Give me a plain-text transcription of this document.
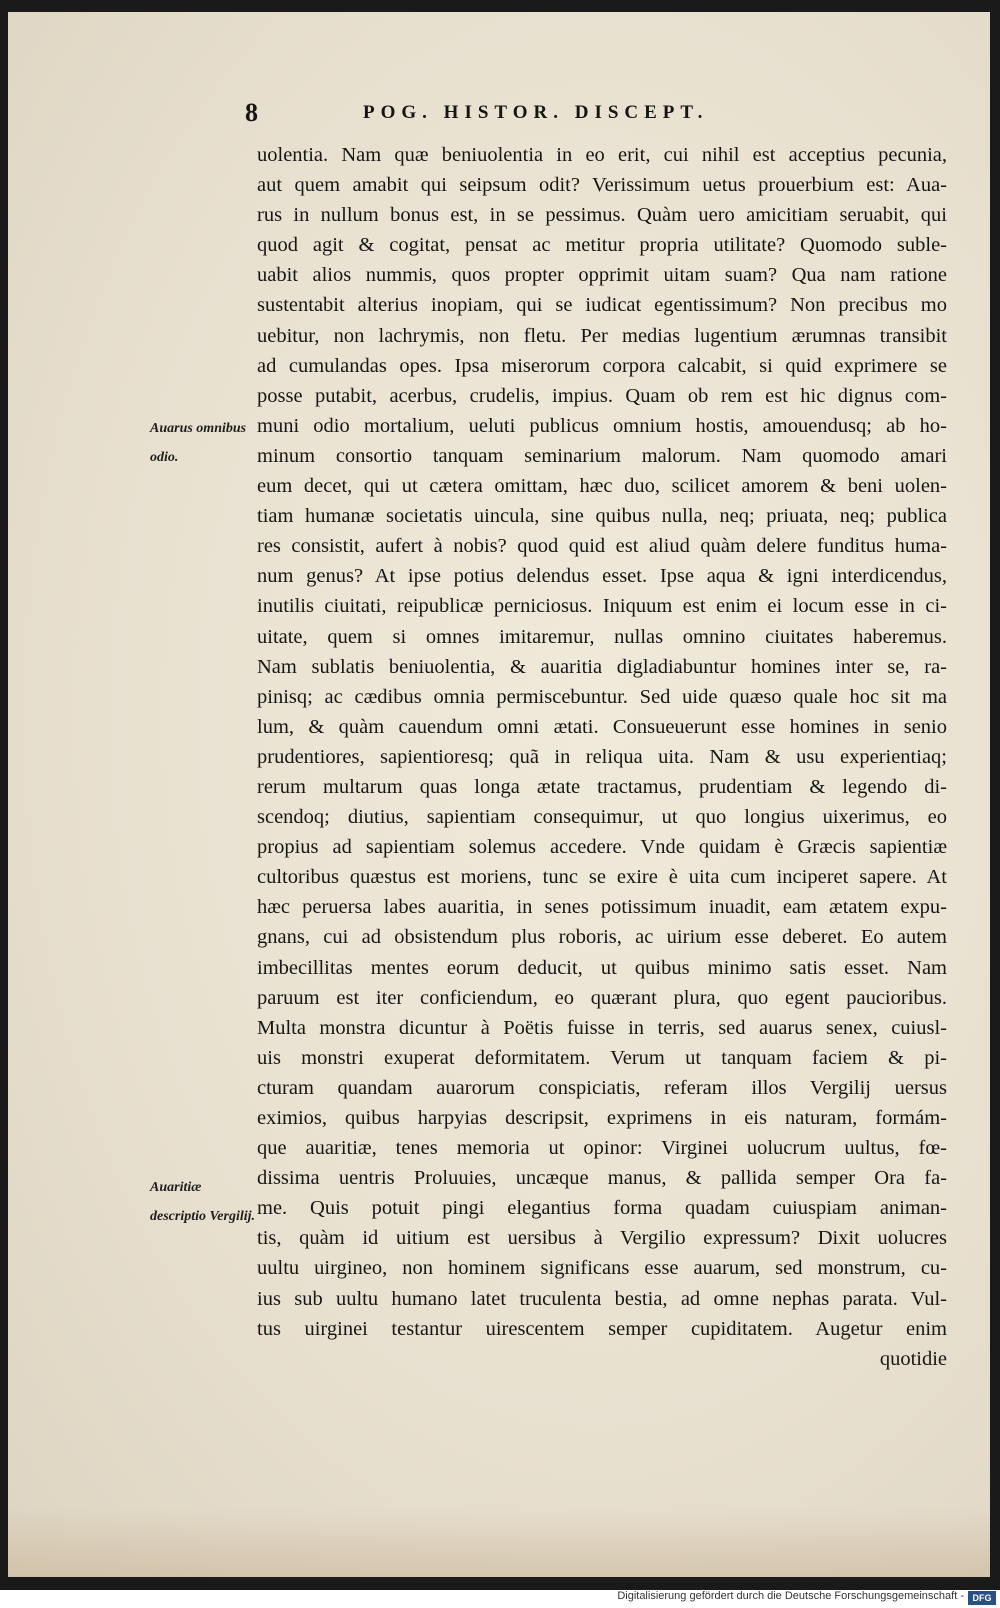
8	POG. HISTOR. DISCEPT.
Auarus omnibus odio.
Auaritiæ descriptio Vergilij.
uolentia. Nam quæ beniuolentia in eo erit, cui nihil est acceptius pecunia,
aut quem amabit qui seipsum odit? Verissimum uetus prouerbium est: Aua-
rus in nullum bonus est, in se pessimus. Quàm uero amicitiam seruabit, qui
quod agit & cogitat, pensat ac metitur propria utilitate? Quomodo suble-
uabit alios nummis, quos propter opprimit uitam suam? Qua nam ratione
sustentabit alterius inopiam, qui se iudicat egentissimum? Non precibus mo
uebitur, non lachrymis, non fletu. Per medias lugentium ærumnas transibit
ad cumulandas opes. Ipsa miserorum corpora calcabit, si quid exprimere se
posse putabit, acerbus, crudelis, impius. Quam ob rem est hic dignus com-
muni odio mortalium, ueluti publicus omnium hostis, amouendusq; ab ho-
minum consortio tanquam seminarium malorum. Nam quomodo amari
eum decet, qui ut cætera omittam, hæc duo, scilicet amorem & beni uolen-
tiam humanæ societatis uincula, sine quibus nulla, neq; priuata, neq; publica
res consistit, aufert à nobis? quod quid est aliud quàm delere funditus huma-
num genus? At ipse potius delendus esset. Ipse aqua & igni interdicendus,
inutilis ciuitati, reipublicæ perniciosus. Iniquum est enim ei locum esse in ci-
uitate, quem si omnes imitaremur, nullas omnino ciuitates haberemus.
Nam sublatis beniuolentia, & auaritia digladiabuntur homines inter se, ra-
pinisq; ac cædibus omnia permiscebuntur. Sed uide quæso quale hoc sit ma
lum, & quàm cauendum omni ætati. Consueuerunt esse homines in senio
prudentiores, sapientioresq; quã in reliqua uita. Nam & usu experientiaq;
rerum multarum quas longa ætate tractamus, prudentiam & legendo di-
scendoq; diutius, sapientiam consequimur, ut quo longius uixerimus, eo
propius ad sapientiam solemus accedere. Vnde quidam è Græcis sapientiæ
cultoribus quæstus est moriens, tunc se exire è uita cum inciperet sapere. At
hæc peruersa labes auaritia, in senes potissimum inuadit, eam ætatem expu-
gnans, cui ad obsistendum plus roboris, ac uirium esse deberet. Eo autem
imbecillitas mentes eorum deducit, ut quibus minimo satis esset. Nam
paruum est iter conficiendum, eo quærant plura, quo egent paucioribus.
Multa monstra dicuntur à Poëtis fuisse in terris, sed auarus senex, cuiusl-
uis monstri exuperat deformitatem. Verum ut tanquam faciem & pi-
cturam quandam auarorum conspiciatis, referam illos Vergilij uersus
eximios, quibus harpyias descripsit, exprimens in eis naturam, formám-
que auaritiæ, tenes memoria ut opinor: Virginei uolucrum uultus, fœ-
dissima uentris Proluuies, uncæque manus, & pallida semper Ora fa-
me. Quis potuit pingi elegantius forma quadam cuiuspiam animan-
tis, quàm id uitium est uersibus à Vergilio expressum? Dixit uolucres
uultu uirgineo, non hominem significans esse auarum, sed monstrum, cu-
ius sub uultu humano latet truculenta bestia, ad omne nephas parata. Vul-
tus uirginei testantur uirescentem semper cupiditatem. Augetur enim
quotidie
Digitalisierung gefördert durch die Deutsche Forschungsgemeinschaft - DFG
